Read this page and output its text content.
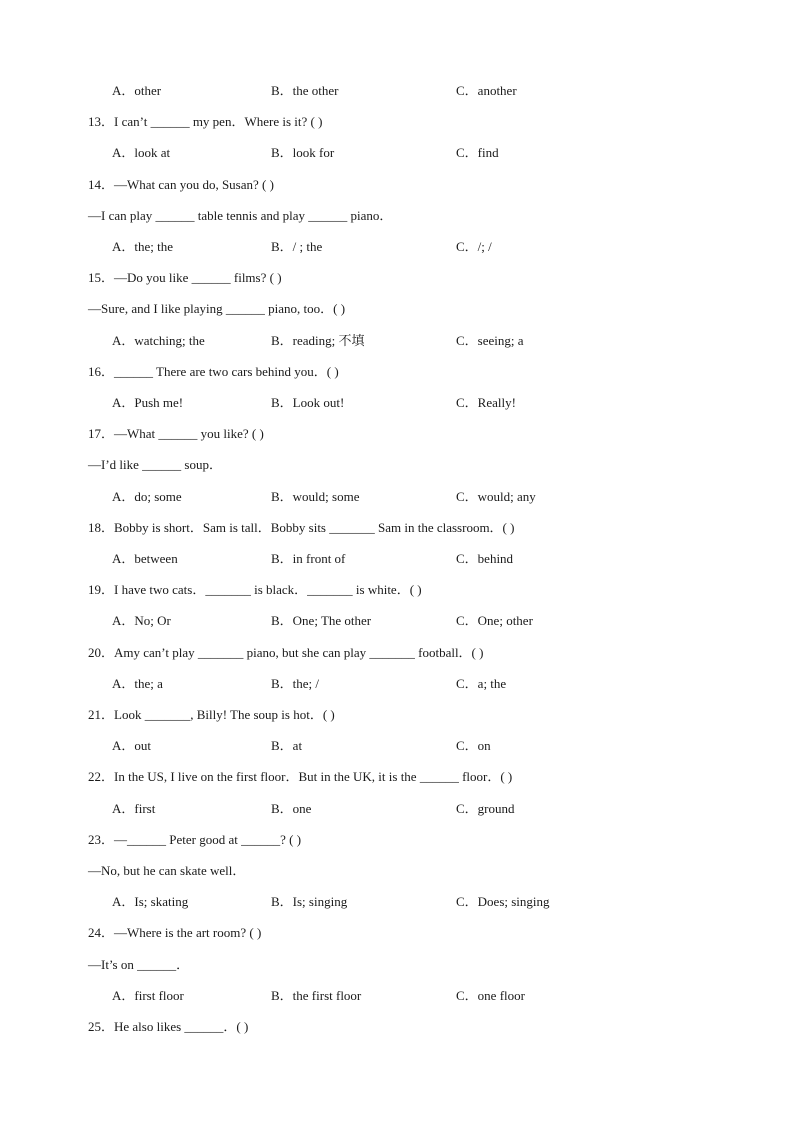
A．other	B．the other	C．another
13．I can’t ______ my pen．Where is it? ( )
A．look at	B．look for	C．find
14．—What can you do, Susan? ( )
—I can play ______ table tennis and play ______ piano．
A．the; the	B．/ ; the	C．/; /
15．—Do you like ______ films? ( )
—Sure, and I like playing ______ piano, too．( )
A．watching; the	B．reading; 不填	C．seeing; a
16．______ There are two cars behind you．( )
A．Push me!	B．Look out!	C．Really!
17．—What ______ you like? ( )
—I’d like ______ soup．
A．do; some	B．would; some	C．would; any
18．Bobby is short．Sam is tall．Bobby sits _______ Sam in the classroom．( )
A．between	B．in front of	C．behind
19．I have two cats．_______ is black．_______ is white．( )
A．No; Or	B．One; The other	C．One; other
20．Amy can’t play _______ piano, but she can play _______ football．( )
A．the; a	B．the; /	C．a; the
21．Look _______, Billy! The soup is hot．( )
A．out	B．at	C．on
22．In the US, I live on the first floor．But in the UK, it is the ______ floor．( )
A．first	B．one	C．ground
23．—______ Peter good at ______? ( )
—No, but he can skate well．
A．Is; skating	B．Is; singing	C．Does; singing
24．—Where is the art room? ( )
—It’s on ______．
A．first floor	B．the first floor	C．one floor
25．He also likes ______．( )
